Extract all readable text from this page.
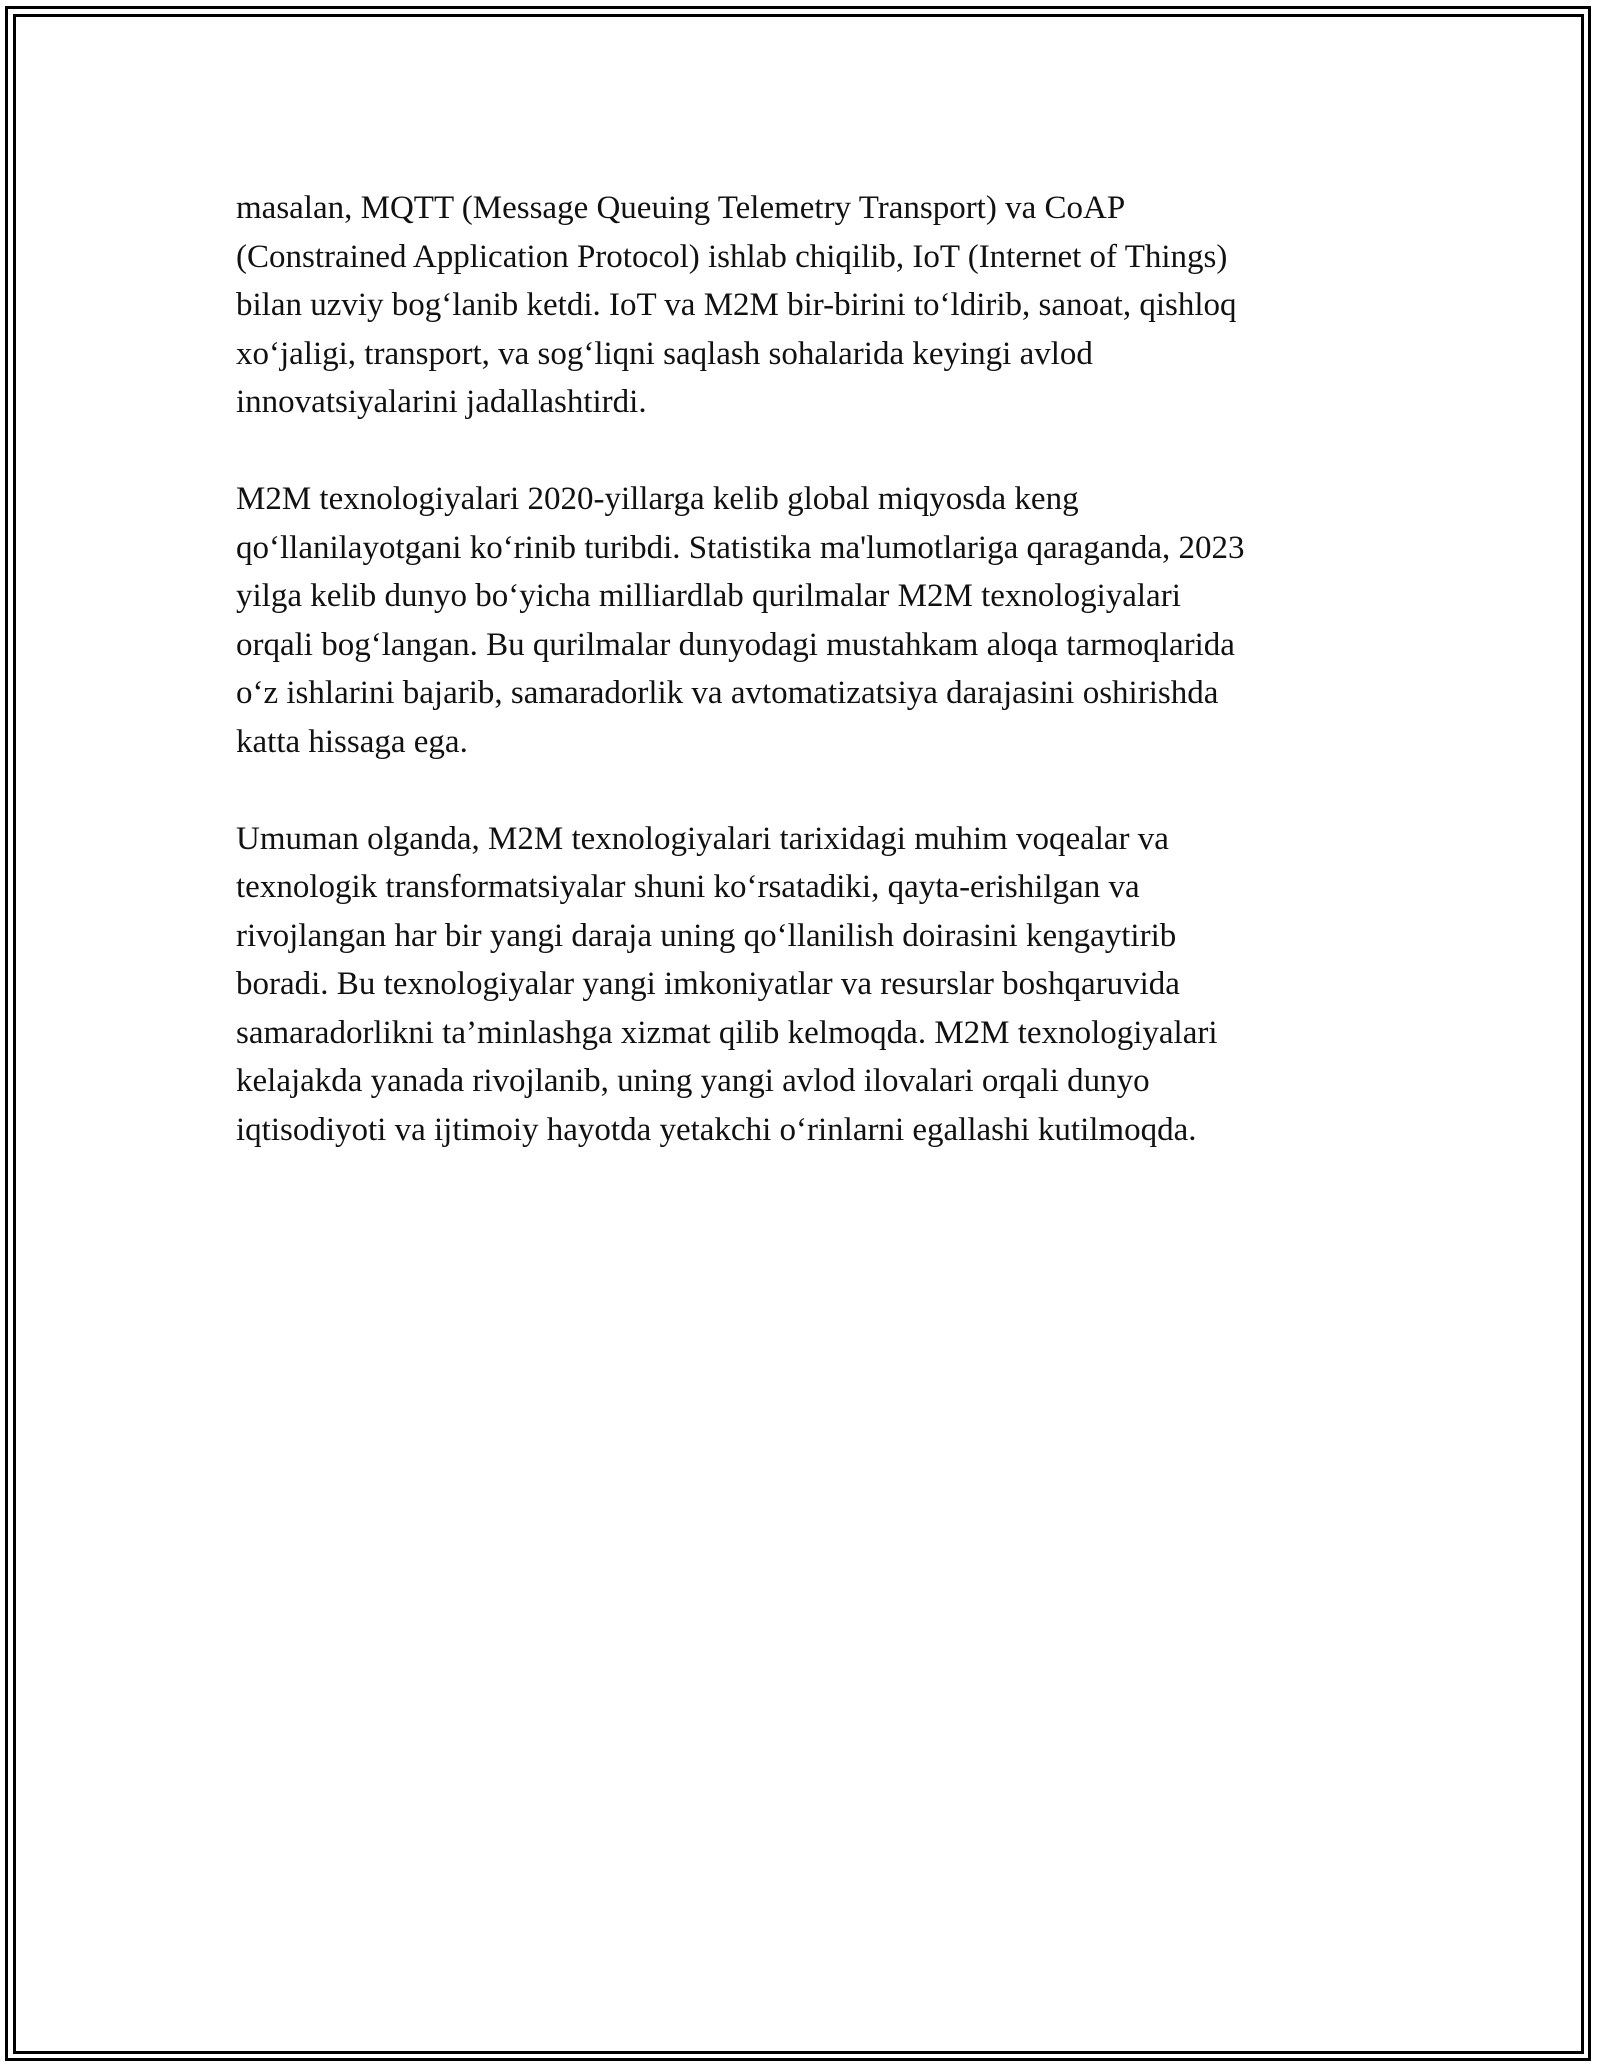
masalan, MQTT (Message Queuing Telemetry Transport) va CoAP
(Constrained Application Protocol) ishlab chiqilib, IoT (Internet of Things)
bilan uzviy bog‘lanib ketdi. IoT va M2M bir-birini to‘ldirib, sanoat, qishloq
xo‘jaligi, transport, va sog‘liqni saqlash sohalarida keyingi avlod
innovatsiyalarini jadallashtirdi.

M2M texnologiyalari 2020-yillarga kelib global miqyosda keng
qo‘llanilayotgani ko‘rinib turibdi. Statistika ma'lumotlariga qaraganda, 2023
yilga kelib dunyo bo‘yicha milliardlab qurilmalar M2M texnologiyalari
orqali bog‘langan. Bu qurilmalar dunyodagi mustahkam aloqa tarmoqlarida
o‘z ishlarini bajarib, samaradorlik va avtomatizatsiya darajasini oshirishda
katta hissaga ega.

Umuman olganda, M2M texnologiyalari tarixidagi muhim voqealar va
texnologik transformatsiyalar shuni ko‘rsatadiki, qayta-erishilgan va
rivojlangan har bir yangi daraja uning qo‘llanilish doirasini kengaytirib
boradi. Bu texnologiyalar yangi imkoniyatlar va resurslar boshqaruvida
samaradorlikni ta’minlashga xizmat qilib kelmoqda. M2M texnologiyalari
kelajakda yanada rivojlanib, uning yangi avlod ilovalari orqali dunyo
iqtisodiyoti va ijtimoiy hayotda yetakchi o‘rinlarni egallashi kutilmoqda.
